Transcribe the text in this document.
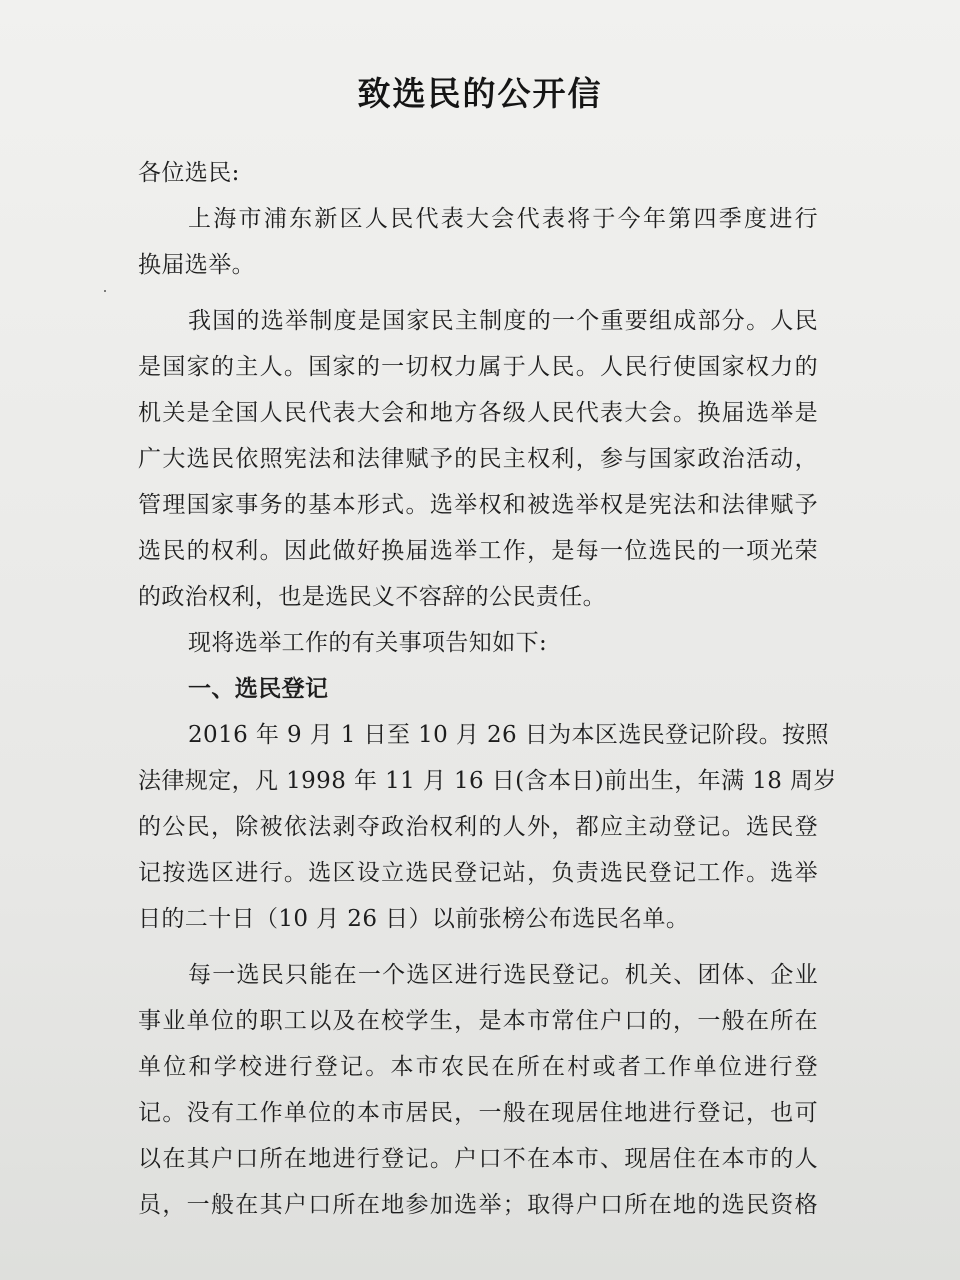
致选民的公开信
各位选民:
上海市浦东新区人民代表大会代表将于今年第四季度进行
换届选举。
我国的选举制度是国家民主制度的一个重要组成部分。人民
是国家的主人。国家的一切权力属于人民。人民行使国家权力的
机关是全国人民代表大会和地方各级人民代表大会。换届选举是
广大选民依照宪法和法律赋予的民主权利，参与国家政治活动，
管理国家事务的基本形式。选举权和被选举权是宪法和法律赋予
选民的权利。因此做好换届选举工作，是每一位选民的一项光荣
的政治权利，也是选民义不容辞的公民责任。
现将选举工作的有关事项告知如下:
一、选民登记
2016 年 9 月 1 日至 10 月 26 日为本区选民登记阶段。按照
法律规定，凡 1998 年 11 月 16 日(含本日)前出生，年满 18 周岁
的公民，除被依法剥夺政治权利的人外，都应主动登记。选民登
记按选区进行。选区设立选民登记站，负责选民登记工作。选举
日的二十日（10 月 26 日）以前张榜公布选民名单。
每一选民只能在一个选区进行选民登记。机关、团体、企业
事业单位的职工以及在校学生，是本市常住户口的，一般在所在
单位和学校进行登记。本市农民在所在村或者工作单位进行登
记。没有工作单位的本市居民，一般在现居住地进行登记，也可
以在其户口所在地进行登记。户口不在本市、现居住在本市的人
员，一般在其户口所在地参加选举；取得户口所在地的选民资格
